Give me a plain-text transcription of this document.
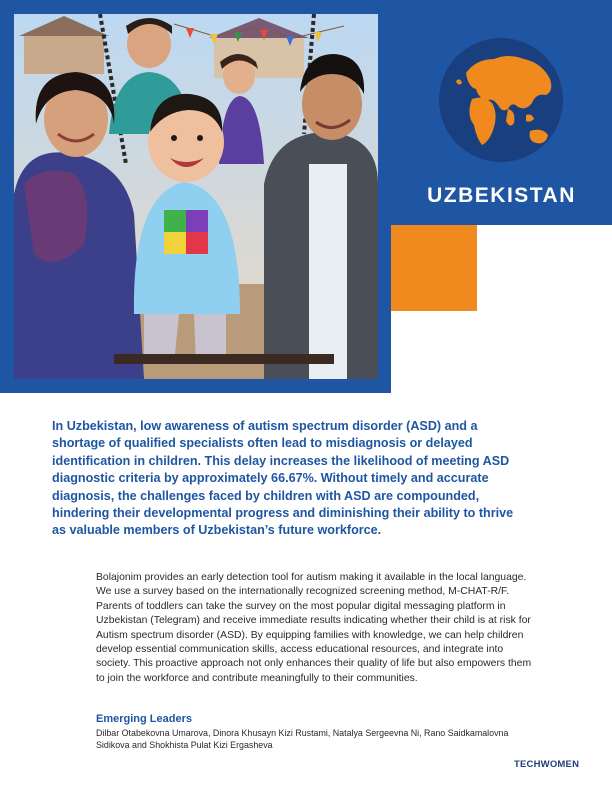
UZBEKISTAN

In Uzbekistan, low awareness of autism spectrum disorder (ASD) and a shortage of qualified specialists often lead to misdiagnosis or delayed identification in children. This delay increases the likelihood of meeting ASD diagnostic criteria by approximately 66.67%. Without timely and accurate diagnosis, the challenges faced by children with ASD are compounded, hindering their developmental progress and diminishing their ability to thrive as valuable members of Uzbekistan’s future workforce.

Bolajonim provides an early detection tool for autism making it available in the local language. We use a survey based on the internationally recognized screening method, M-CHAT-R/F. Parents of toddlers can take the survey on the most popular digital messaging platform in Uzbekistan (Telegram) and receive immediate results indicating whether their child is at risk for Autism spectrum disorder (ASD). By equipping families with knowledge, we can help children develop essential communication skills, access educational resources, and integrate into society. This proactive approach not only enhances their quality of life but also empowers them to join the workforce and contribute meaningfully to their communities.

Emerging Leaders

Dilbar Otabekovna Umarova, Dinora Khusayn Kizi Rustami, Natalya Sergeevna Ni, Rano Saidkamalovna Sidikova and Shokhista Pulat Kizi Ergasheva

TECHWOMEN
